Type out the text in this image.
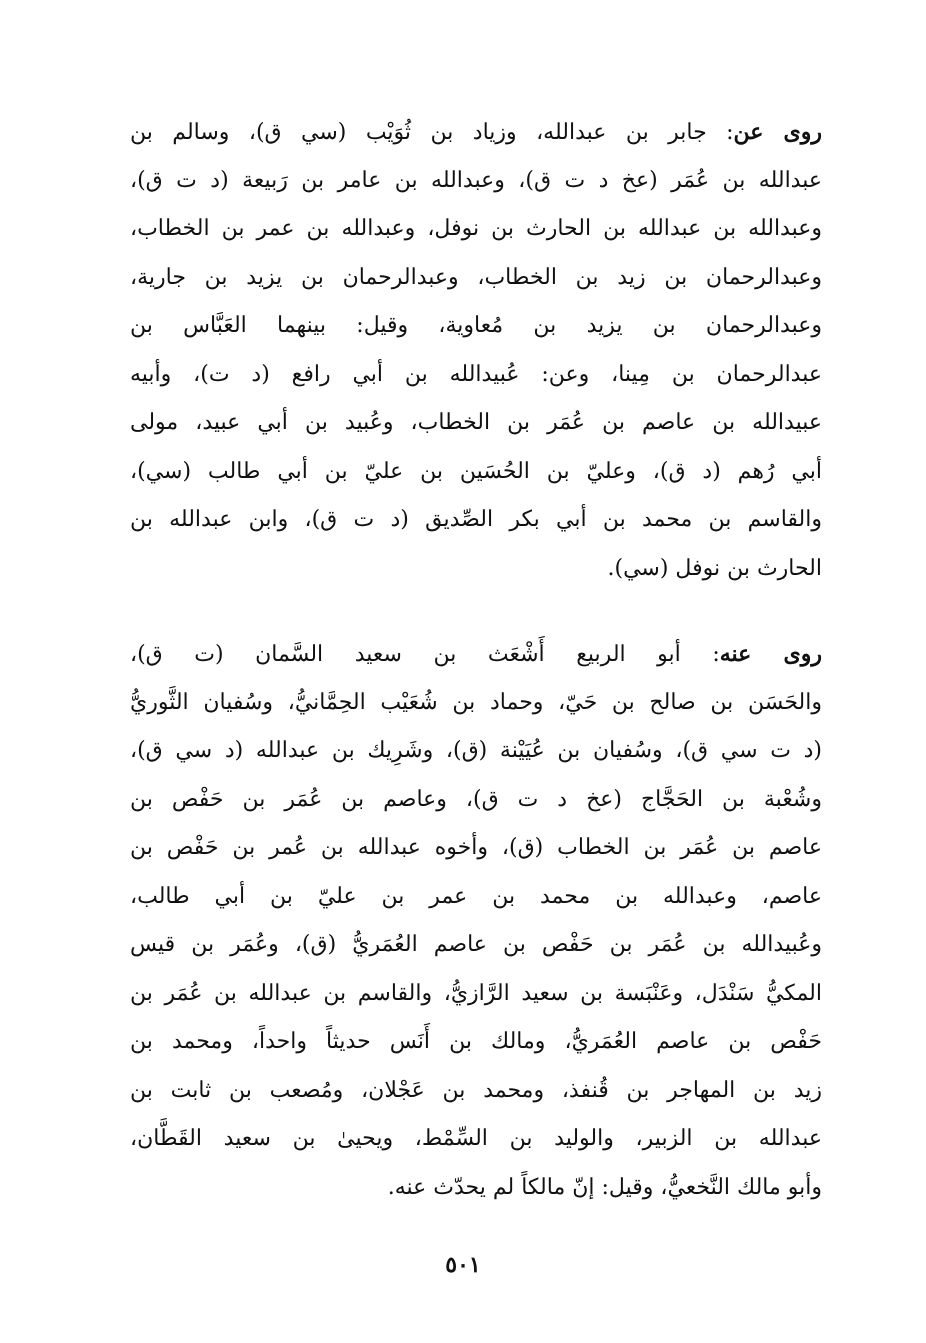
روى عن: جابر بن عبدالله، وزياد بن ثُوَيْب (سي ق)، وسالم بن
عبدالله بن عُمَر (عخ د ت ق)، وعبدالله بن عامر بن رَبيعة (د ت ق)،
وعبدالله بن عبدالله بن الحارث بن نوفل، وعبدالله بن عمر بن الخطاب،
وعبدالرحمان بن زيد بن الخطاب، وعبدالرحمان بن يزيد بن جارية،
وعبدالرحمان بن يزيد بن مُعاوية، وقيل: بينهما العَبَّاس بن
عبدالرحمان بن مِينا، وعن: عُبيدالله بن أبي رافع (د ت)، وأبيه
عبيدالله بن عاصم بن عُمَر بن الخطاب، وعُبيد بن أبي عبيد، مولى
أبي رُهم (د ق)، وعليّ بن الحُسَين بن عليّ بن أبي طالب (سي)،
والقاسم بن محمد بن أبي بكر الصِّديق (د ت ق)، وابن عبدالله بن
الحارث بن نوفل (سي).
روى عنه: أبو الربيع أَشْعَث بن سعيد السَّمان (ت ق)،
والحَسَن بن صالح بن حَيّ، وحماد بن شُعَيْب الحِمَّانيُّ، وسُفيان الثَّوريُّ
(د ت سي ق)، وسُفيان بن عُيَيْنة (ق)، وشَرِيك بن عبدالله (د سي ق)،
وشُعْبة بن الحَجَّاج (عخ د ت ق)، وعاصم بن عُمَر بن حَفْص بن
عاصم بن عُمَر بن الخطاب (ق)، وأخوه عبدالله بن عُمر بن حَفْص بن
عاصم، وعبدالله بن محمد بن عمر بن عليّ بن أبي طالب،
وعُبيدالله بن عُمَر بن حَفْص بن عاصم العُمَريُّ (ق)، وعُمَر بن قيس
المكيُّ سَنْدَل، وعَنْبَسة بن سعيد الرَّازيُّ، والقاسم بن عبدالله بن عُمَر بن
حَفْص بن عاصم العُمَريُّ، ومالك بن أَنَس حديثاً واحداً، ومحمد بن
زيد بن المهاجر بن قُنفذ، ومحمد بن عَجْلان، ومُصعب بن ثابت بن
عبدالله بن الزبير، والوليد بن السِّمْط، ويحيىٰ بن سعيد القَطَّان،
وأبو مالك النَّخعيُّ، وقيل: إنّ مالكاً لم يحدّث عنه.
٥٠١
